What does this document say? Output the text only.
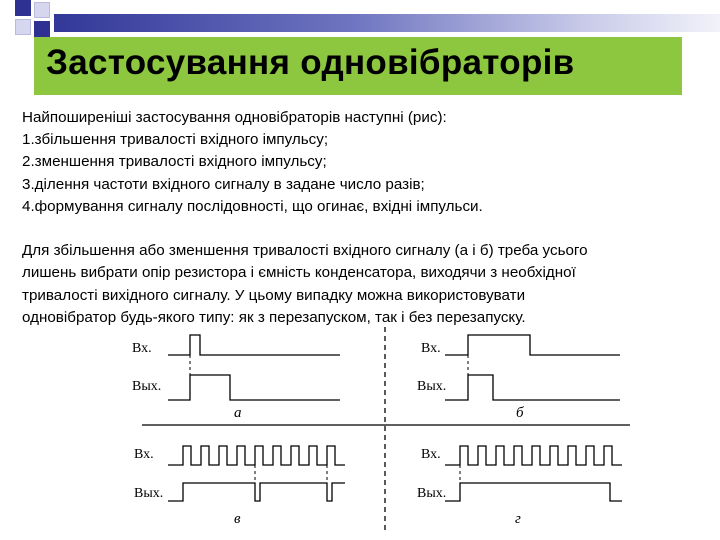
Застосування одновібраторів

Найпоширеніші застосування одновібраторів наступні (рис):

1.збільшення тривалості вхідного імпульсу;

2.зменшення тривалості вхідного імпульсу;

3.ділення частоти вхідного сигналу в задане число разів;

4.формування сигналу послідовності, що огинає, вхідні імпульси.

Для збільшення або зменшення тривалості вхідного сигналу (а і б) треба усього

лишень вибрати опір резистора і ємність конденсатора, виходячи з необхідної

тривалості вихідного сигналу. У цьому випадку можна використовувати

одновібратор будь-якого типу: як з перезапуском, так і без перезапуску.

Вх.
Вых.
а
Вх.
Вых.
б
Вх.
Вых.
в
Вх.
Вых.
г
